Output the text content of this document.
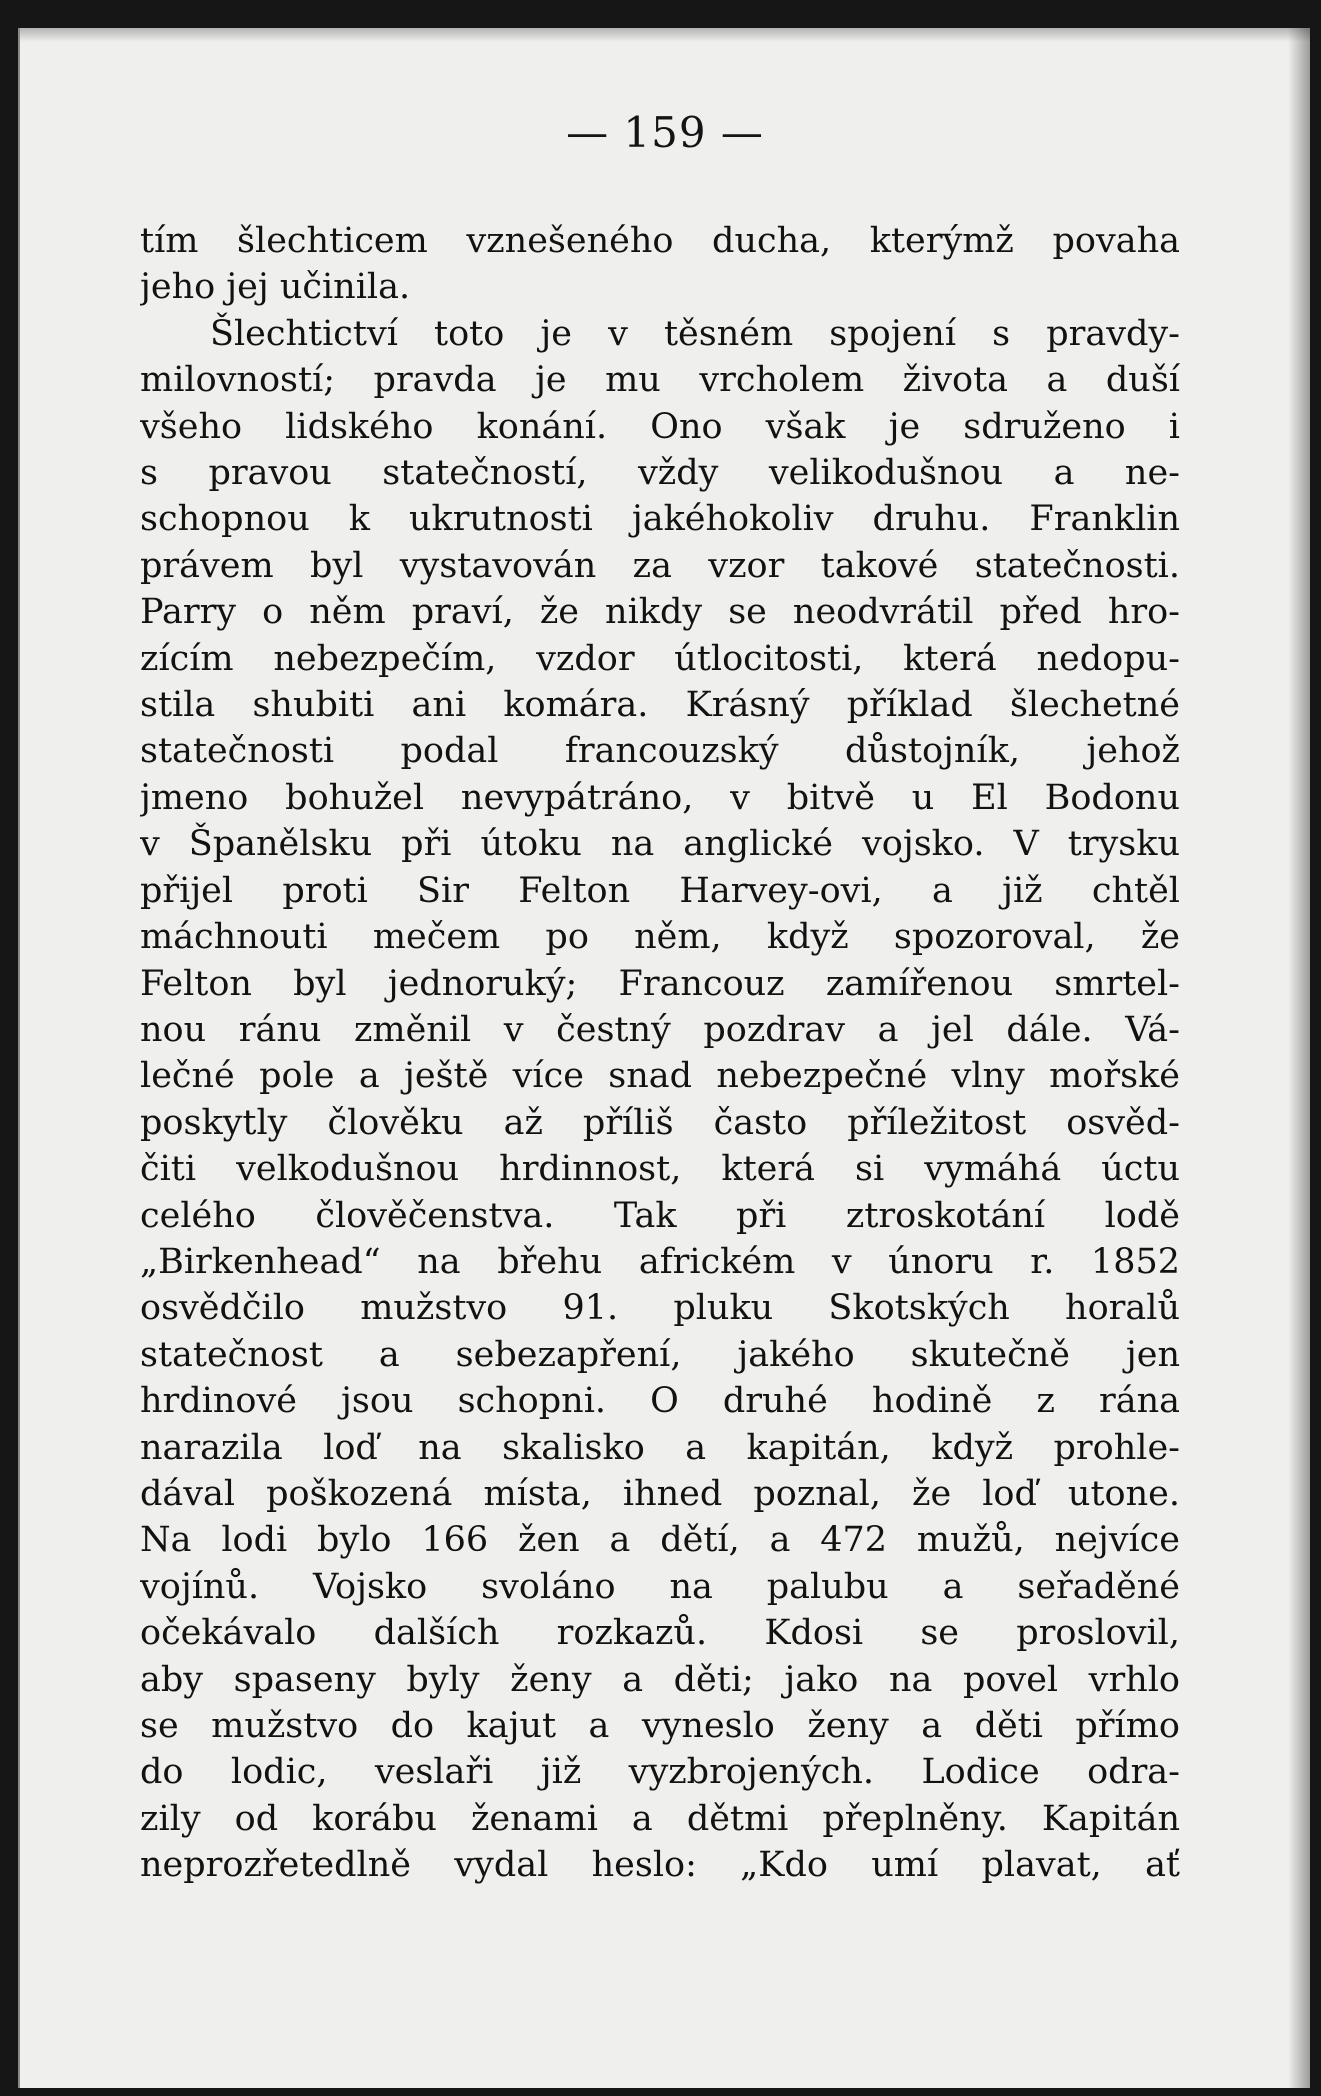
— 159 —
tím šlechticem vznešeného ducha, kterýmž povaha
jeho jej učinila.
Šlechtictví toto je v těsném spojení s pravdy-
milovností; pravda je mu vrcholem života a duší
všeho lidského konání. Ono však je sdruženo i
s pravou statečností, vždy velikodušnou a ne-
schopnou k ukrutnosti jakéhokoliv druhu. Franklin
právem byl vystavován za vzor takové statečnosti.
Parry o něm praví, že nikdy se neodvrátil před hro-
zícím nebezpečím, vzdor útlocitosti, která nedopu-
stila shubiti ani komára. Krásný příklad šlechetné
statečnosti podal francouzský důstojník, jehož
jmeno bohužel nevypátráno, v bitvě u El Bodonu
v Španělsku při útoku na anglické vojsko. V trysku
přijel proti Sir Felton Harvey-ovi, a již chtěl
máchnouti mečem po něm, když spozoroval, že
Felton byl jednoruký; Francouz zamířenou smrtel-
nou ránu změnil v čestný pozdrav a jel dále. Vá-
lečné pole a ještě více snad nebezpečné vlny mořské
poskytly člověku až příliš často příležitost osvěd-
čiti velkodušnou hrdinnost, která si vymáhá úctu
celého člověčenstva. Tak při ztroskotání lodě
„Birkenhead“ na břehu africkém v únoru r. 1852
osvědčilo mužstvo 91. pluku Skotských horalů
statečnost a sebezapření, jakého skutečně jen
hrdinové jsou schopni. O druhé hodině z rána
narazila loď na skalisko a kapitán, když prohle-
dával poškozená místa, ihned poznal, že loď utone.
Na lodi bylo 166 žen a dětí, a 472 mužů, nejvíce
vojínů. Vojsko svoláno na palubu a seřaděné
očekávalo dalších rozkazů. Kdosi se proslovil,
aby spaseny byly ženy a děti; jako na povel vrhlo
se mužstvo do kajut a vyneslo ženy a děti přímo
do lodic, veslaři již vyzbrojených. Lodice odra-
zily od korábu ženami a dětmi přeplněny. Kapitán
neprozřetedlně vydal heslo: „Kdo umí plavat, ať
